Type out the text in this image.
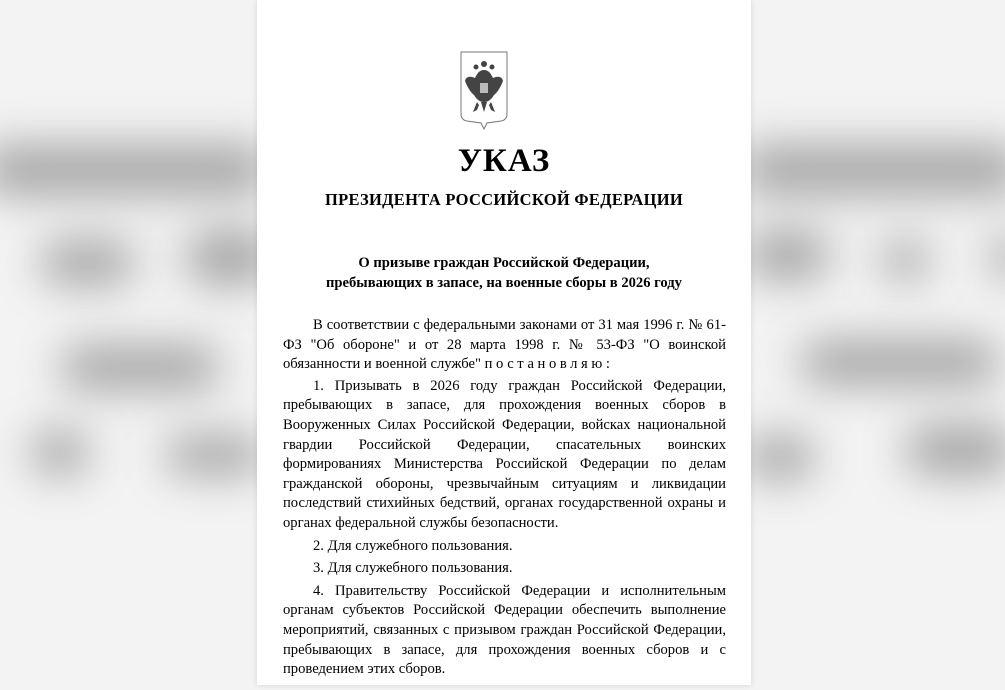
УКАЗ
ПРЕЗИДЕНТА РОССИЙСКОЙ ФЕДЕРАЦИИ
О призыве граждан Российской Федерации,
пребывающих в запасе, на военные сборы в 2026 году

В соответствии с федеральными законами от 31 мая 1996 г. № 61-ФЗ "Об обороне" и от 28 марта 1998 г. № 53-ФЗ "О воинской обязанности и военной службе" постановляю:

1. Призывать в 2026 году граждан Российской Федерации, пребывающих в запасе, для прохождения военных сборов в Вооруженных Силах Российской Федерации, войсках национальной гвардии Российской Федерации, спасательных воинских формированиях Министерства Российской Федерации по делам гражданской обороны, чрезвычайным ситуациям и ликвидации последствий стихийных бедствий, органах государственной охраны и органах федеральной службы безопасности.

2. Для служебного пользования.

3. Для служебного пользования.

4. Правительству Российской Федерации и исполнительным органам субъектов Российской Федерации обеспечить выполнение мероприятий, связанных с призывом граждан Российской Федерации, пребывающих в запасе, для прохождения военных сборов и с проведением этих сборов.
